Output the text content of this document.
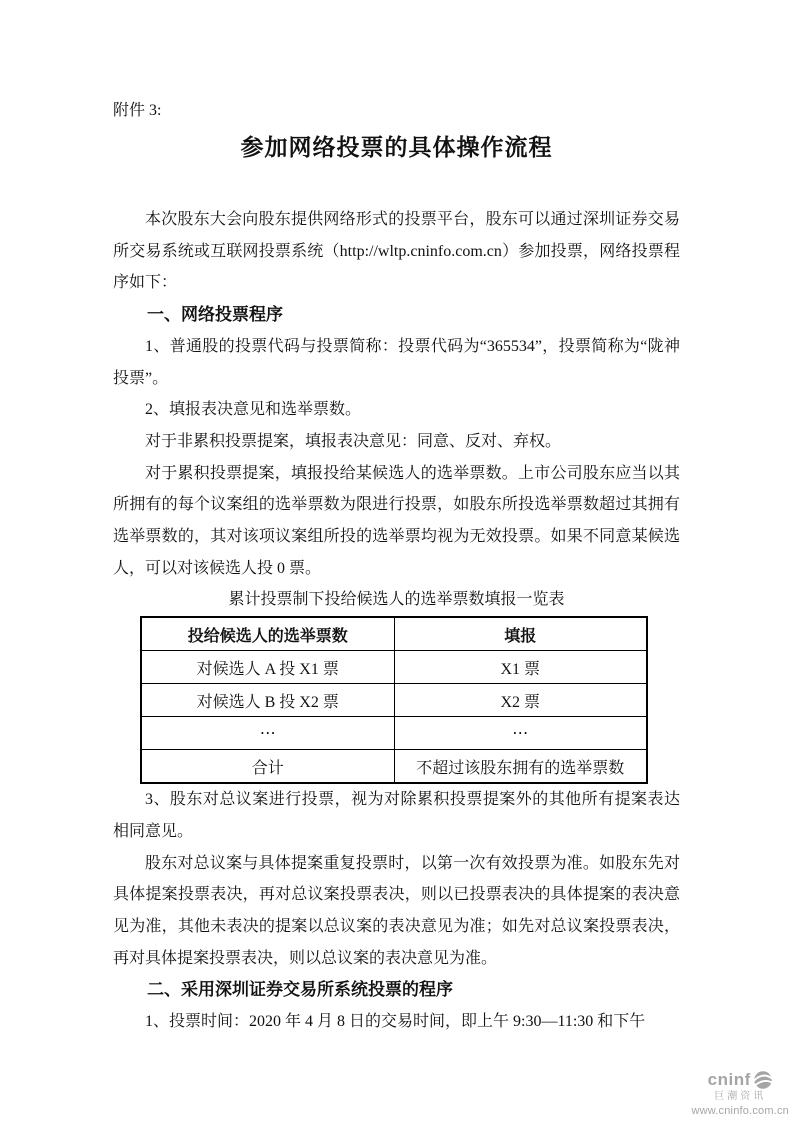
附件 3:
参加网络投票的具体操作流程

本次股东大会向股东提供网络形式的投票平台，股东可以通过深圳证券交易所交易系统或互联网投票系统（http://wltp.cninfo.com.cn）参加投票，网络投票程序如下：

一、网络投票程序

1、普通股的投票代码与投票简称：投票代码为“365534”，投票简称为“陇神投票”。

2、填报表决意见和选举票数。

对于非累积投票提案，填报表决意见：同意、反对、弃权。

对于累积投票提案，填报投给某候选人的选举票数。上市公司股东应当以其所拥有的每个议案组的选举票数为限进行投票，如股东所投选举票数超过其拥有选举票数的，其对该项议案组所投的选举票均视为无效投票。如果不同意某候选人，可以对该候选人投 0 票。

累计投票制下投给候选人的选举票数填报一览表
投给候选人的选举票数	填报
对候选人 A 投 X1 票	X1 票
对候选人 B 投 X2 票	X2 票
⋯	⋯
合计	不超过该股东拥有的选举票数

3、股东对总议案进行投票，视为对除累积投票提案外的其他所有提案表达相同意见。

股东对总议案与具体提案重复投票时，以第一次有效投票为准。如股东先对具体提案投票表决，再对总议案投票表决，则以已投票表决的具体提案的表决意见为准，其他未表决的提案以总议案的表决意见为准；如先对总议案投票表决，再对具体提案投票表决，则以总议案的表决意见为准。

二、采用深圳证券交易所系统投票的程序

1、投票时间：2020 年 4 月 8 日的交易时间，即上午 9:30—11:30 和下午

cninf
巨潮资讯
www.cninfo.com.cn
